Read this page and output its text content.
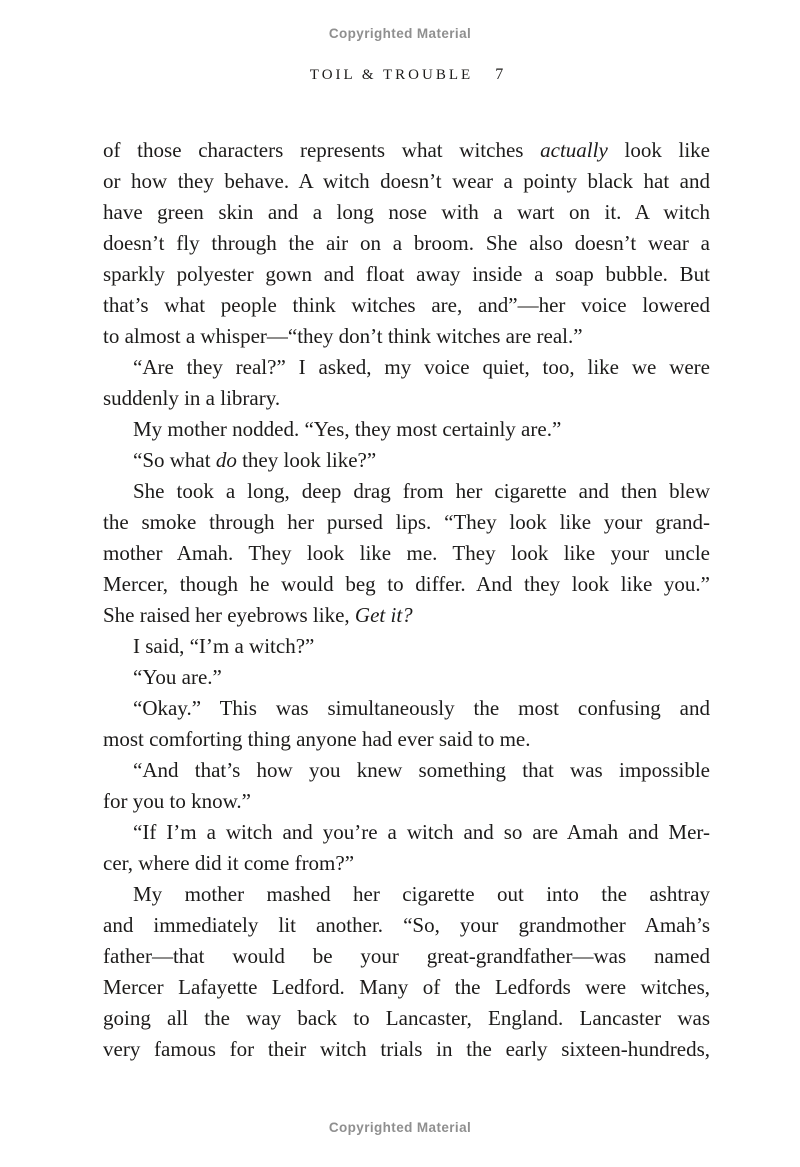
Copyrighted Material
TOIL & TROUBLE 7
of those characters represents what witches actually look like
or how they behave. A witch doesn’t wear a pointy black hat and
have green skin and a long nose with a wart on it. A witch
doesn’t fly through the air on a broom. She also doesn’t wear a
sparkly polyester gown and float away inside a soap bubble. But
that’s what people think witches are, and”—her voice lowered
to almost a whisper—“they don’t think witches are real.”
“Are they real?” I asked, my voice quiet, too, like we were
suddenly in a library.
My mother nodded. “Yes, they most certainly are.”
“So what do they look like?”
She took a long, deep drag from her cigarette and then blew
the smoke through her pursed lips. “They look like your grand-
mother Amah. They look like me. They look like your uncle
Mercer, though he would beg to differ. And they look like you.”
She raised her eyebrows like, Get it?
I said, “I’m a witch?”
“You are.”
“Okay.” This was simultaneously the most confusing and
most comforting thing anyone had ever said to me.
“And that’s how you knew something that was impossible
for you to know.”
“If I’m a witch and you’re a witch and so are Amah and Mer-
cer, where did it come from?”
My mother mashed her cigarette out into the ashtray
and immediately lit another. “So, your grandmother Amah’s
father—that would be your great-grandfather—was named
Mercer Lafayette Ledford. Many of the Ledfords were witches,
going all the way back to Lancaster, England. Lancaster was
very famous for their witch trials in the early sixteen-hundreds,
Copyrighted Material
